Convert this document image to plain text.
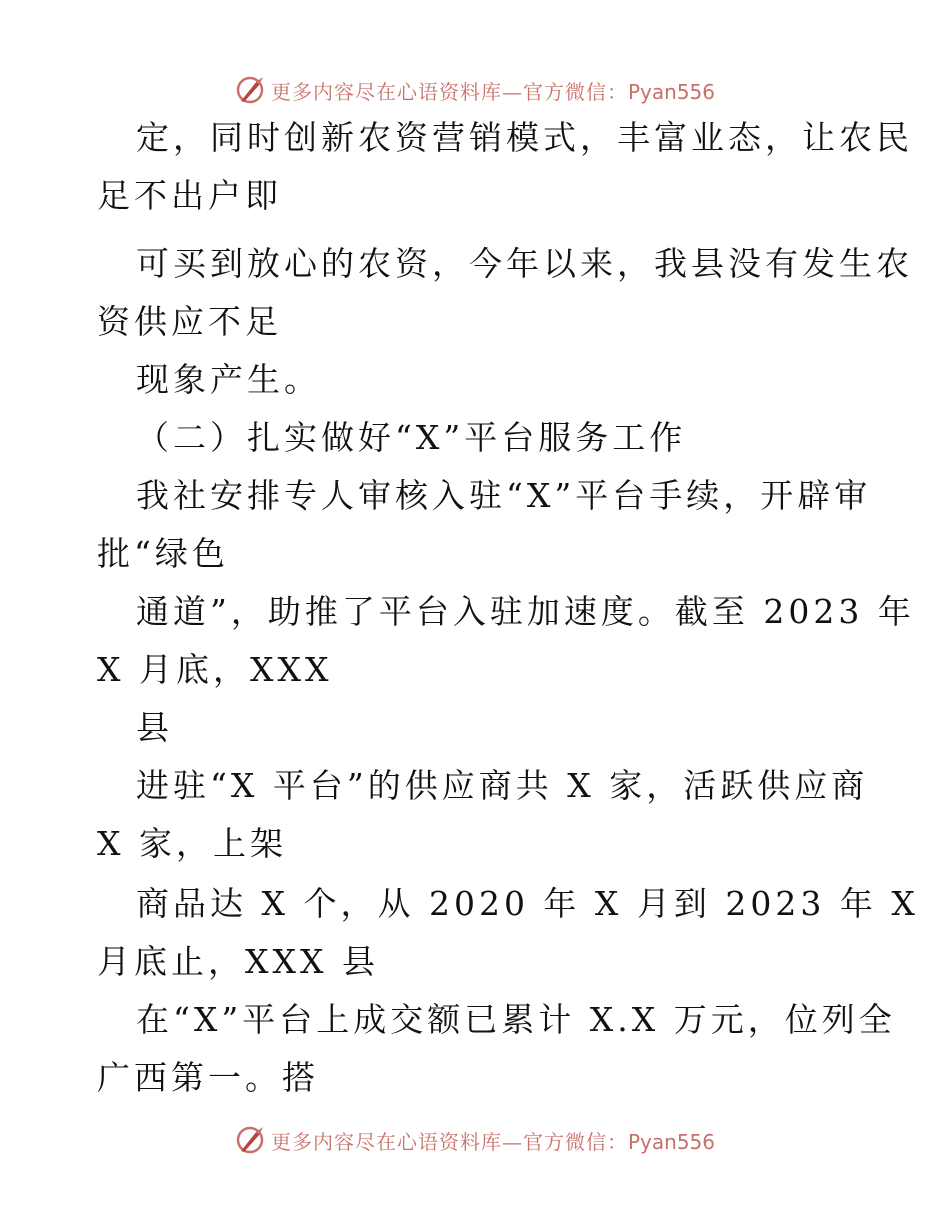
更多内容尽在心语资料库—官方微信：Pyan556
定，同时创新农资营销模式，丰富业态，让农民
足不出户即
可买到放心的农资，今年以来，我县没有发生农
资供应不足
现象产生。
（二）扎实做好“X”平台服务工作
我社安排专人审核入驻“X”平台手续，开辟审
批“绿色
通道”，助推了平台入驻加速度。截至 2023 年
X 月底，XXX
县
进驻“X 平台”的供应商共 X 家，活跃供应商
X 家，上架
商品达 X 个，从 2020 年 X 月到 2023 年 X
月底止，XXX 县
在“X”平台上成交额已累计 X.X 万元，位列全
广西第一。搭
更多内容尽在心语资料库—官方微信：Pyan556
